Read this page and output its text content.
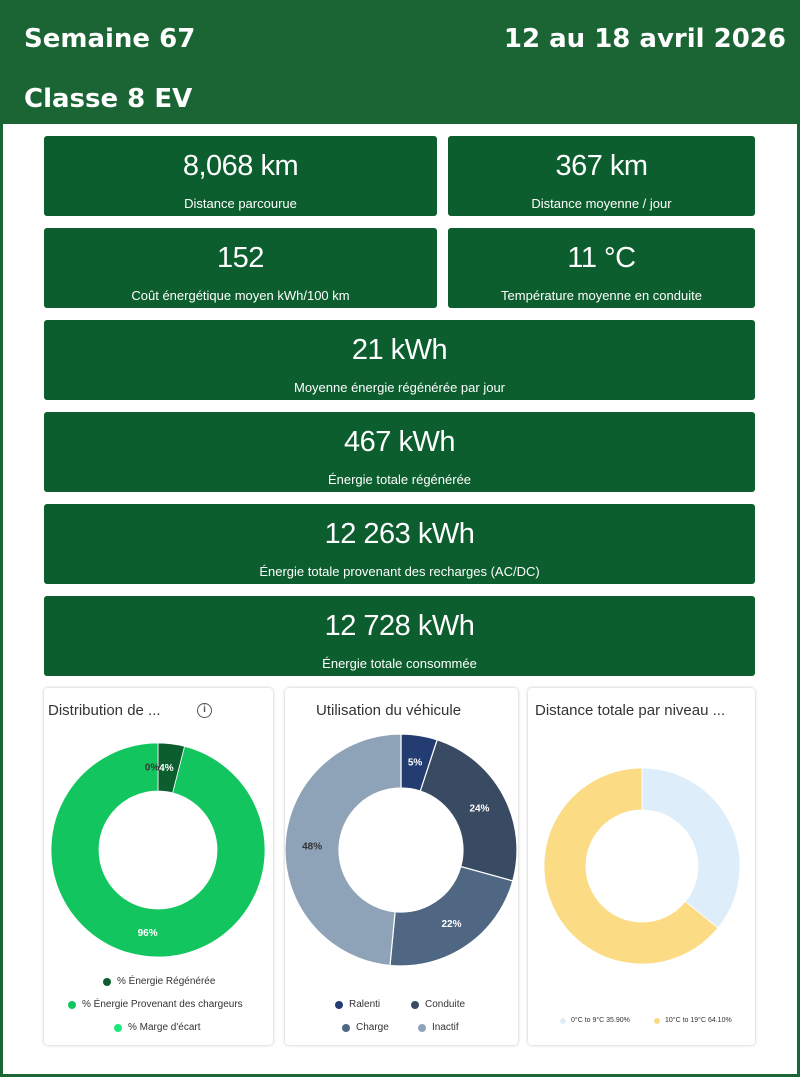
Semaine 67	12 au 18 avril 2026
Classe 8 EV
8,068 km
Distance parcourue
367 km
Distance moyenne / jour
152
Coût énergétique moyen kWh/100 km
11 °C
Température moyenne en conduite
21 kWh
Moyenne énergie régénérée par jour
467 kWh
Énergie totale régénérée
12 263 kWh
Énergie totale provenant des recharges (AC/DC)
12 728 kWh
Énergie totale consommée
Distribution de ...	i
4%
96%
0%
% Énergie Régénérée
% Énergie Provenant des chargeurs
% Marge d'écart
Utilisation du véhicule
5%
24%
22%
48%
Ralenti	Conduite
Charge	Inactif
Distance totale par niveau ...
0°C to 9°C 35.90%	10°C to 19°C 64.10%
